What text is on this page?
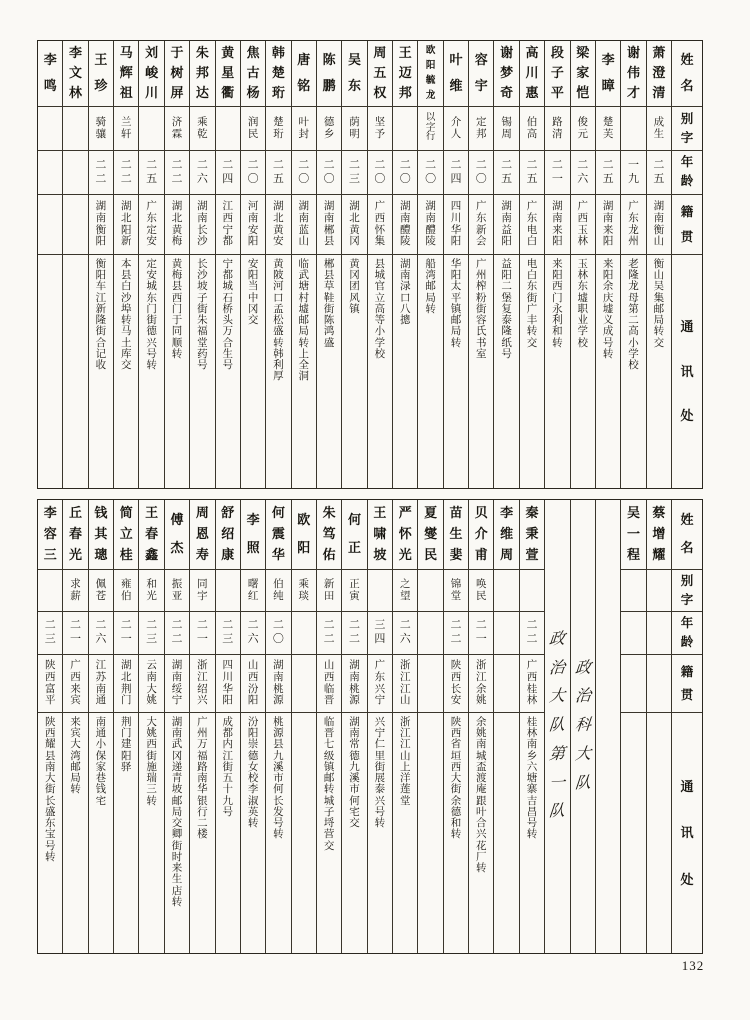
姓
名
别
字
年
龄
籍
贯
通
讯
处
萧
澄
清
成
生
二
五
湖
南
衡
山
衡
山
吴
集
邮
局
转
交
谢
伟
才
一
九
广
东
龙
州
老
隆
龙
母
第
二
高
小
学
校
李
暲
楚
芙
二
五
湖
南
来
阳
来
阳
余
庆
墟
义
成
号
转
梁
家
恺
俊
元
二
六
广
西
玉
林
玉
林
东
墟
职
业
学
校
段
子
平
路
清
二
一
湖
南
来
阳
来
阳
西
门
永
利
和
转
高
川
惠
伯
高
二
五
广
东
电
白
电
白
东
街
广
丰
转
交
谢
梦
奇
锡
周
二
五
湖
南
益
阳
益
阳
二
堡
复
泰
隆
纸
号
容
宇
定
邦
二
〇
广
东
新
会
广
州
榨
粉
街
容
氏
书
室
叶
维
介
人
二
四
四
川
华
阳
华
阳
太
平
镇
邮
局
转
欧
阳
毓
龙
以
字
行
二
〇
湖
南
醴
陵
船
湾
邮
局
转
王
迈
邦
二
〇
湖
南
醴
陵
湖
南
渌
口
八
摠
周
五
权
坚
予
二
〇
广
西
怀
集
县
城
官
立
高
等
小
学
校
吴
东
荫
明
二
三
湖
北
黄
冈
黄
冈
团
风
镇
陈
鹏
德
乡
二
〇
湖
南
郴
县
郴
县
草
鞋
街
陈
鸿
盛
唐
铭
叶
封
二
〇
湖
南
蓝
山
临
武
塘
村
墟
邮
局
转
上
全
洞
韩
楚
珩
楚
珩
二
五
湖
北
黄
安
黄
陂
河
口
孟
松
盛
转
韩
利
厚
焦
古
杨
润
民
二
〇
河
南
安
阳
安
阳
当
中
冈
交
黄
星
衢
二
四
江
西
宁
都
宁
都
城
石
桥
头
万
合
生
号
朱
邦
达
乘
乾
二
六
湖
南
长
沙
长
沙
坡
子
街
朱
福
堂
药
号
于
树
屏
济
霖
二
二
湖
北
黄
梅
黄
梅
县
西
门
于
同
顺
转
刘
峻
川
二
五
广
东
定
安
定
安
城
东
门
街
德
兴
号
转
马
辉
祖
兰
轩
二
二
湖
北
阳
新
本
县
白
沙
埠
转
马
土
库
交
王
珍
骑
骧
二
二
湖
南
衡
阳
衡
阳
车
江
新
隆
街
合
记
收
李
文
林
李
鸣
姓
名
别
字
年
龄
籍
贯
通
讯
处
蔡
增
耀
吴
一
程
政
治
科
大
队
政
治
大
队
第
一
队
秦
秉
萱
二
二
广
西
桂
林
桂
林
南
乡
六
塘
寨
吉
昌
号
转
李
维
周
贝
介
甫
唤
民
二
一
浙
江
余
姚
余
姚
南
城
盃
渡
庵
跟
叶
合
兴
花
厂
转
苗
生
婓
锦
堂
二
二
陕
西
长
安
陕
西
省
垣
西
大
街
余
德
和
转
夏
燮
民
严
怀
光
之
望
二
六
浙
江
江
山
浙
江
江
山
上
洋
莲
堂
王
啸
坡
三
四
广
东
兴
宁
兴
宁
仁
里
街
展
泰
兴
号
转
何
正
正
寅
二
二
湖
南
桃
源
湖
南
常
德
九
溪
市
何
宅
交
朱
笃
佑
新
田
二
二
山
西
临
晋
临
晋
七
级
镇
邮
转
城
子
埒
营
交
欧
阳
乘
琰
何
震
华
伯
纯
二
〇
湖
南
桃
源
桃
源
县
九
溪
市
何
长
发
号
转
李
照
曙
红
二
六
山
西
汾
阳
汾
阳
崇
德
女
校
李
淑
英
转
舒
绍
康
二
三
四
川
华
阳
成
都
内
江
街
五
十
九
号
周
恩
寿
同
宇
二
一
浙
江
绍
兴
广
州
万
福
路
南
华
银
行
二
楼
傅
杰
振
亚
二
二
湖
南
绥
宁
湖
南
武
冈
递
青
坡
邮
局
交
卿
街
时
来
生
店
转
王
春
鑫
和
光
二
三
云
南
大
姚
大
姚
西
街
施
瑞
三
转
简
立
桂
雍
伯
二
一
湖
北
荆
门
荆
门
建
阳
驿
钱
其
璁
佩
苍
二
六
江
苏
南
通
南
通
小
保
家
巷
钱
宅
丘
春
光
求
薪
二
一
广
西
来
宾
来
宾
大
湾
邮
局
转
李
容
三
二
三
陕
西
富
平
陕
西
耀
县
南
大
街
长
盛
东
宝
号
转
132
